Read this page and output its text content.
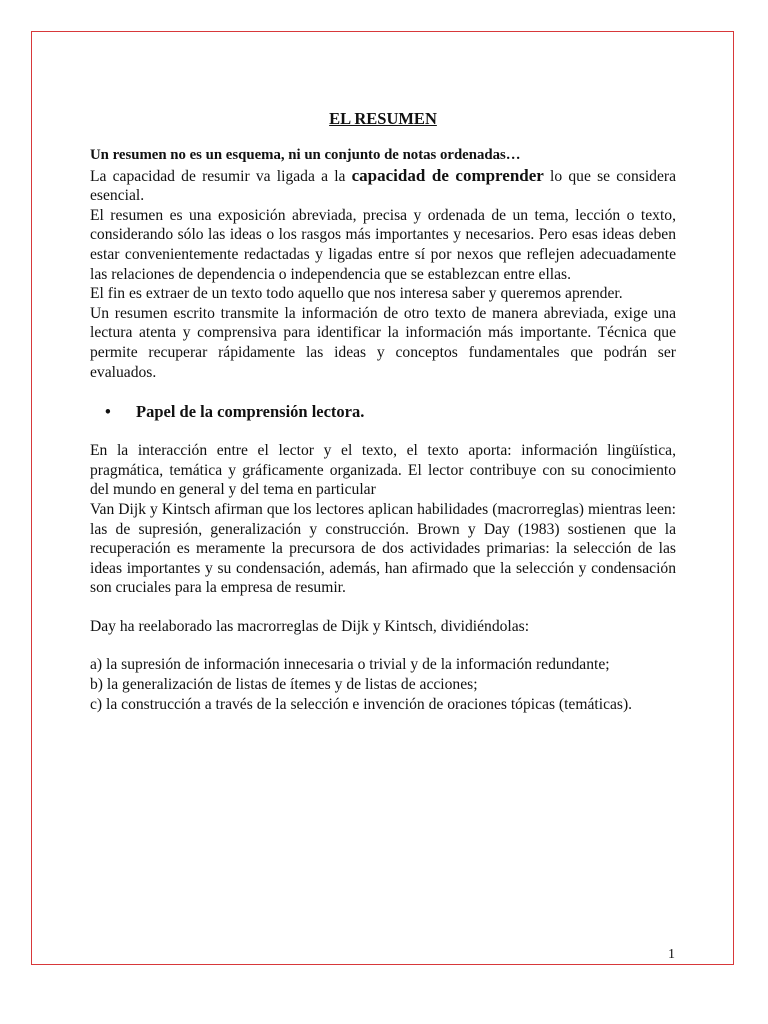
EL RESUMEN

Un resumen no es un esquema, ni un conjunto de notas ordenadas…

La capacidad de resumir va ligada a la capacidad de comprender lo que se considera esencial.

El resumen es una exposición abreviada, precisa y ordenada de un tema, lección o texto, considerando sólo las ideas o los rasgos más importantes y necesarios. Pero esas ideas deben estar convenientemente redactadas y ligadas entre sí por nexos que reflejen adecuadamente las relaciones de dependencia o independencia que se establezcan entre ellas.

El fin es extraer de un texto todo aquello que nos interesa saber y queremos aprender.

Un resumen escrito transmite la información de otro texto de manera abreviada, exige una lectura atenta y comprensiva para identificar la información más importante. Técnica que permite recuperar rápidamente las ideas y conceptos fundamentales que podrán ser evaluados.

•	Papel de la comprensión lectora.

En la interacción entre el lector y el texto, el texto aporta: información lingüística, pragmática, temática y gráficamente organizada. El lector contribuye con su conocimiento del mundo en general y del tema en particular

Van Dijk y Kintsch afirman que los lectores aplican habilidades (macrorreglas) mientras leen: las de supresión, generalización y construcción. Brown y Day (1983) sostienen que la recuperación es meramente la precursora de dos actividades primarias: la selección de las ideas importantes y su condensación, además, han afirmado que la selección y condensación son cruciales para la empresa de resumir.

Day ha reelaborado las macrorreglas de Dijk y Kintsch, dividiéndolas:

a) la supresión de información innecesaria o trivial y de la información redundante;

b) la generalización de listas de ítemes y de listas de acciones;

c) la construcción a través de la selección e invención de oraciones tópicas (temáticas).

1
